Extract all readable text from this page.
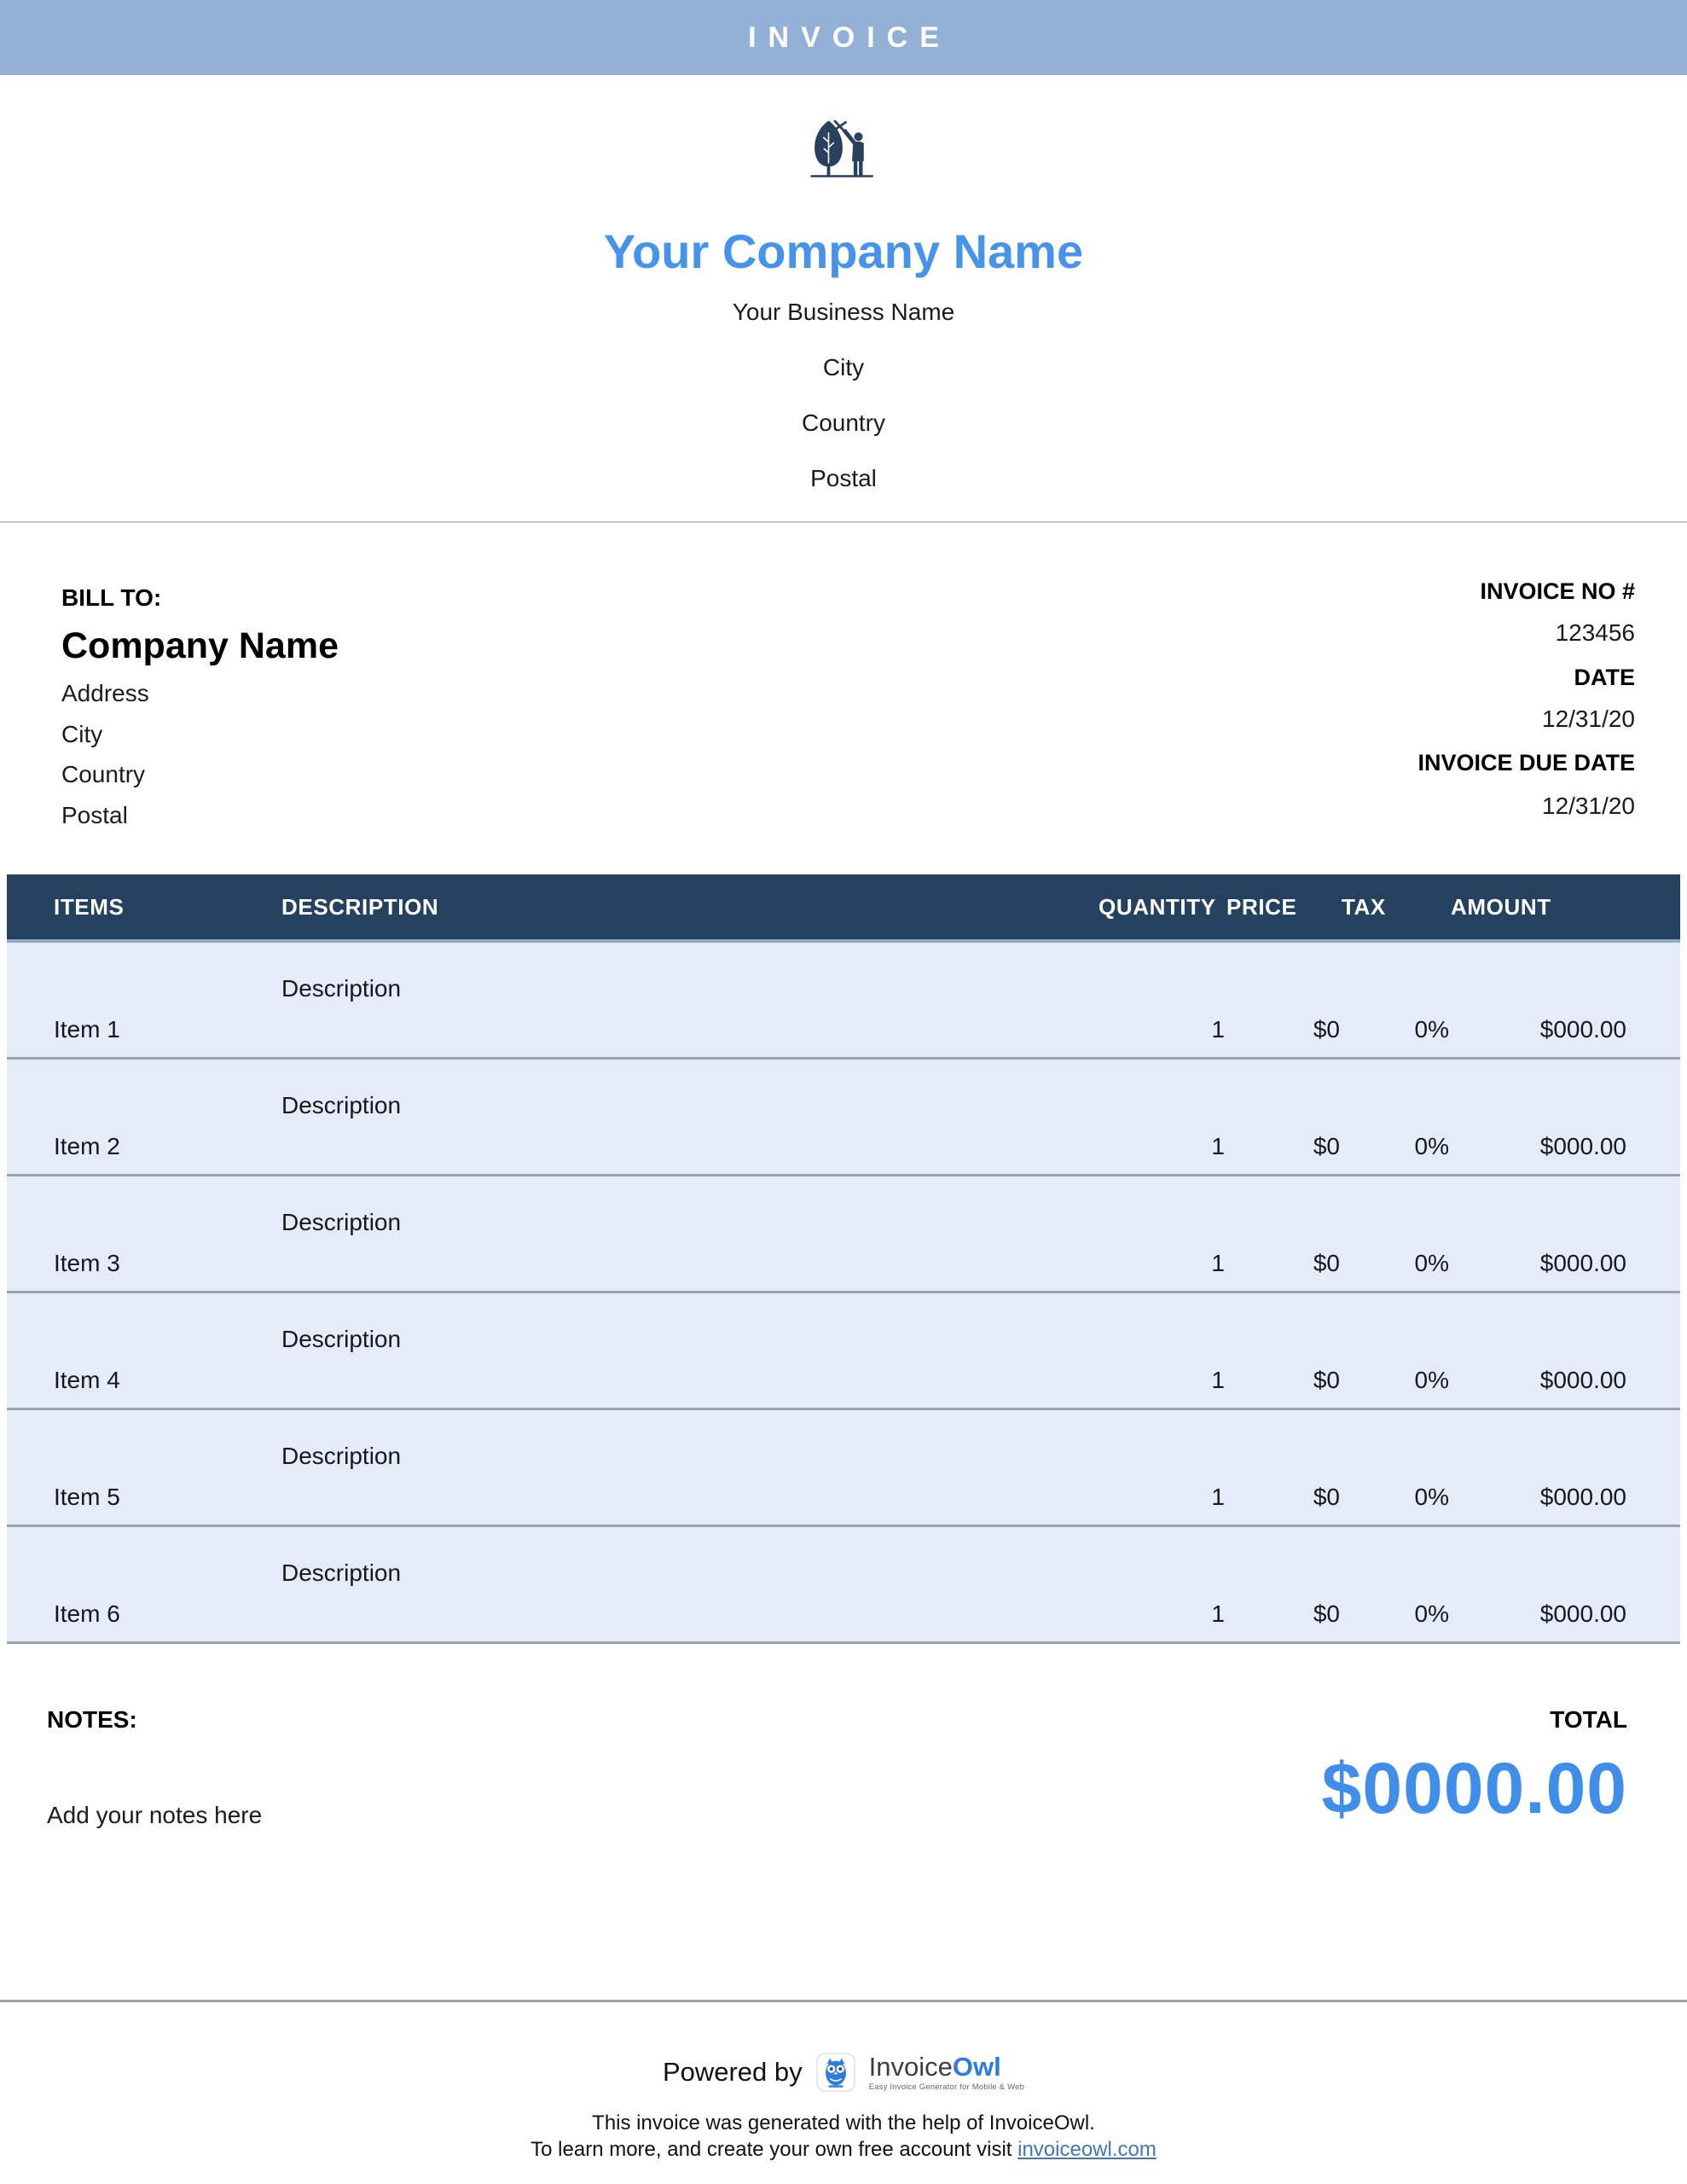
INVOICE
Your Company Name
Your Business Name
City
Country
Postal
BILL TO:
Company Name
Address
City
Country
Postal
INVOICE NO #
123456
DATE
12/31/20
INVOICE DUE DATE
12/31/20
ITEMS	DESCRIPTION	QUANTITY	PRICE	TAX	AMOUNT
Item 1	Description	1	$0	0%	$000.00
Item 2	Description	1	$0	0%	$000.00
Item 3	Description	1	$0	0%	$000.00
Item 4	Description	1	$0	0%	$000.00
Item 5	Description	1	$0	0%	$000.00
Item 6	Description	1	$0	0%	$000.00
NOTES:
Add your notes here
TOTAL
$0000.00
Powered by	InvoiceOwl
Easy Invoice Generator for Mobile & Web
This invoice was generated with the help of InvoiceOwl.
To learn more, and create your own free account visit invoiceowl.com
